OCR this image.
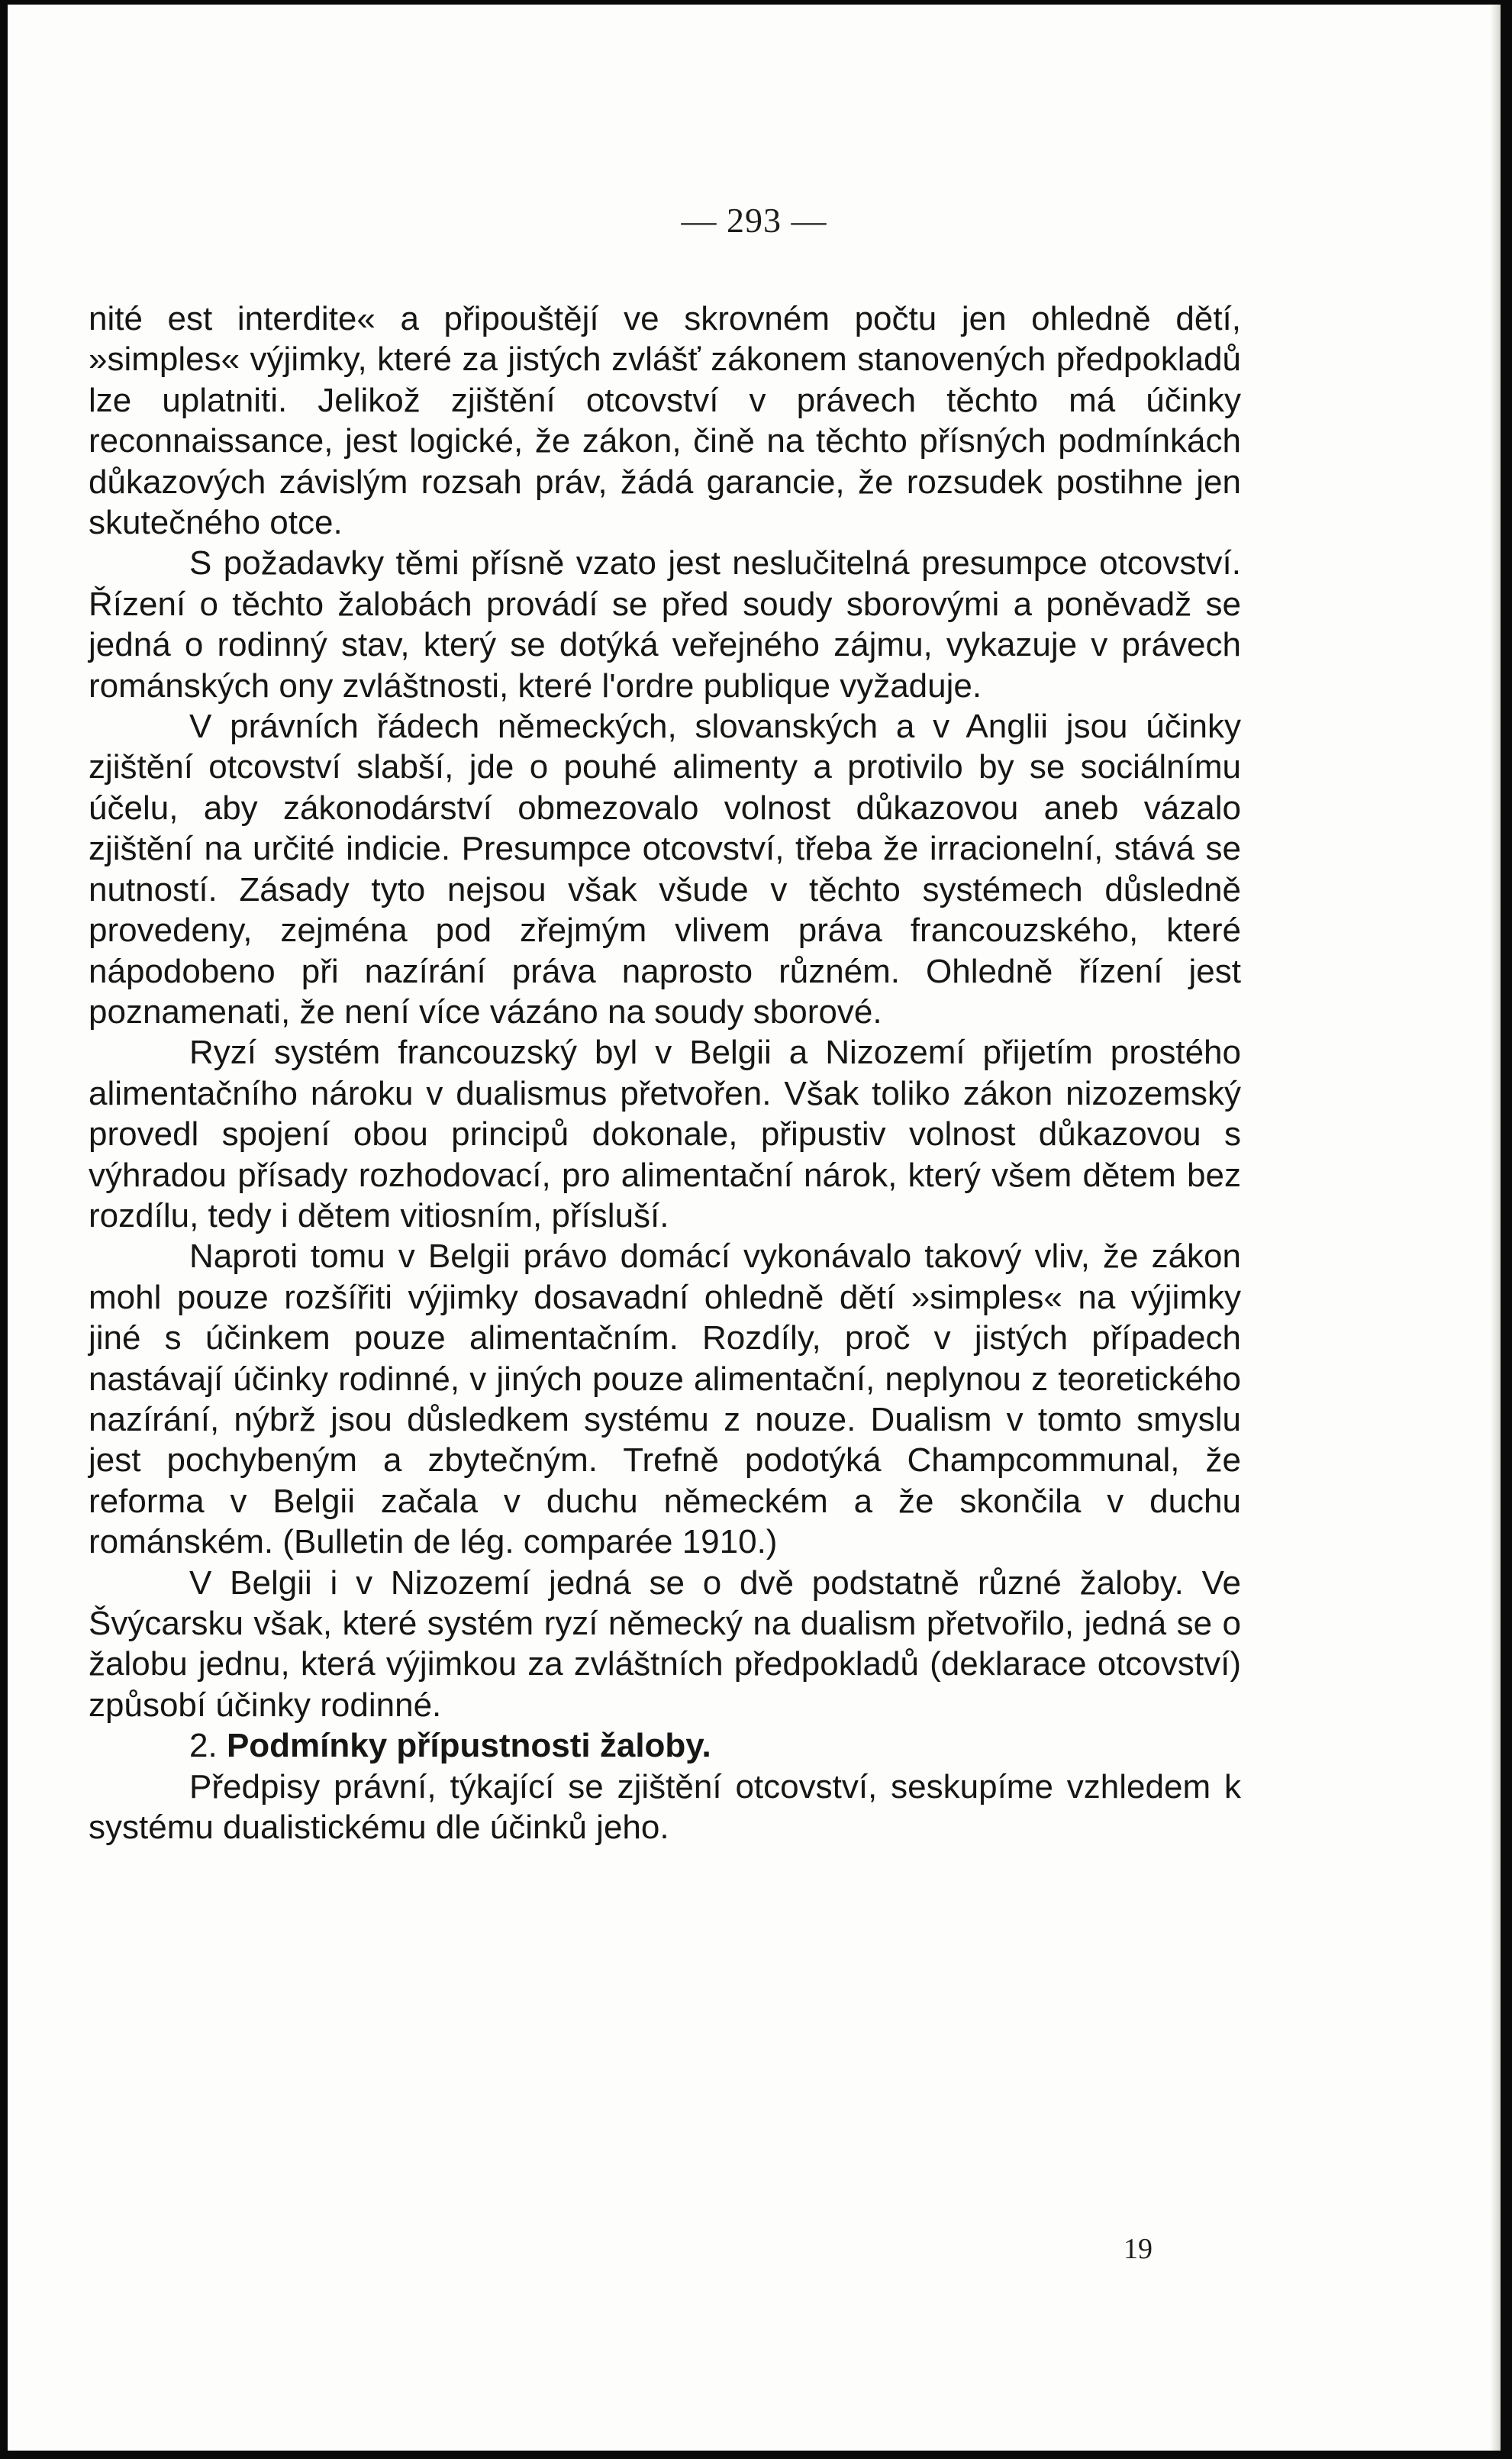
— 293 —

nité est interdite« a připouštějí ve skrovném počtu jen ohledně dětí, »simples« výjimky, které za jistých zvlášť zákonem stanovených předpokladů lze uplatniti. Jelikož zjištění otcovství v právech těchto má účinky reconnaissance, jest logické, že zákon, čině na těchto přísných podmínkách důkazových závislým rozsah práv, žádá garancie, že rozsudek postihne jen skutečného otce.

S požadavky těmi přísně vzato jest neslučitelná presumpce otcovství. Řízení o těchto žalobách provádí se před soudy sborovými a poněvadž se jedná o rodinný stav, který se dotýká veřejného zájmu, vykazuje v právech románských ony zvláštnosti, které l'ordre publique vyžaduje.

V právních řádech německých, slovanských a v Anglii jsou účinky zjištění otcovství slabší, jde o pouhé alimenty a protivilo by se sociálnímu účelu, aby zákonodárství obmezovalo volnost důkazovou aneb vázalo zjištění na určité indicie. Presumpce otcovství, třeba že irracionelní, stává se nutností. Zásady tyto nejsou však všude v těchto systémech důsledně provedeny, zejména pod zřejmým vlivem práva francouzského, které nápodobeno při nazírání práva naprosto různém. Ohledně řízení jest poznamenati, že není více vázáno na soudy sborové.

Ryzí systém francouzský byl v Belgii a Nizozemí přijetím prostého alimentačního nároku v dualismus přetvořen. Však toliko zákon nizozemský provedl spojení obou principů dokonale, připustiv volnost důkazovou s výhradou přísady rozhodovací, pro alimentační nárok, který všem dětem bez rozdílu, tedy i dětem vitiosním, přísluší.

Naproti tomu v Belgii právo domácí vykonávalo takový vliv, že zákon mohl pouze rozšířiti výjimky dosavadní ohledně dětí »simples« na výjimky jiné s účinkem pouze alimentačním. Rozdíly, proč v jistých případech nastávají účinky rodinné, v jiných pouze alimentační, neplynou z teoretického nazírání, nýbrž jsou důsledkem systému z nouze. Dualism v tomto smyslu jest pochybeným a zbytečným. Trefně podotýká Champcommunal, že reforma v Belgii začala v duchu německém a že skončila v duchu románském. (Bulletin de lég. comparée 1910.)

V Belgii i v Nizozemí jedná se o dvě podstatně různé žaloby. Ve Švýcarsku však, které systém ryzí německý na dualism přetvořilo, jedná se o žalobu jednu, která výjimkou za zvláštních předpokladů (deklarace otcovství) způsobí účinky rodinné.

2. Podmínky přípustnosti žaloby.

Předpisy právní, týkající se zjištění otcovství, seskupíme vzhledem k systému dualistickému dle účinků jeho.

19
